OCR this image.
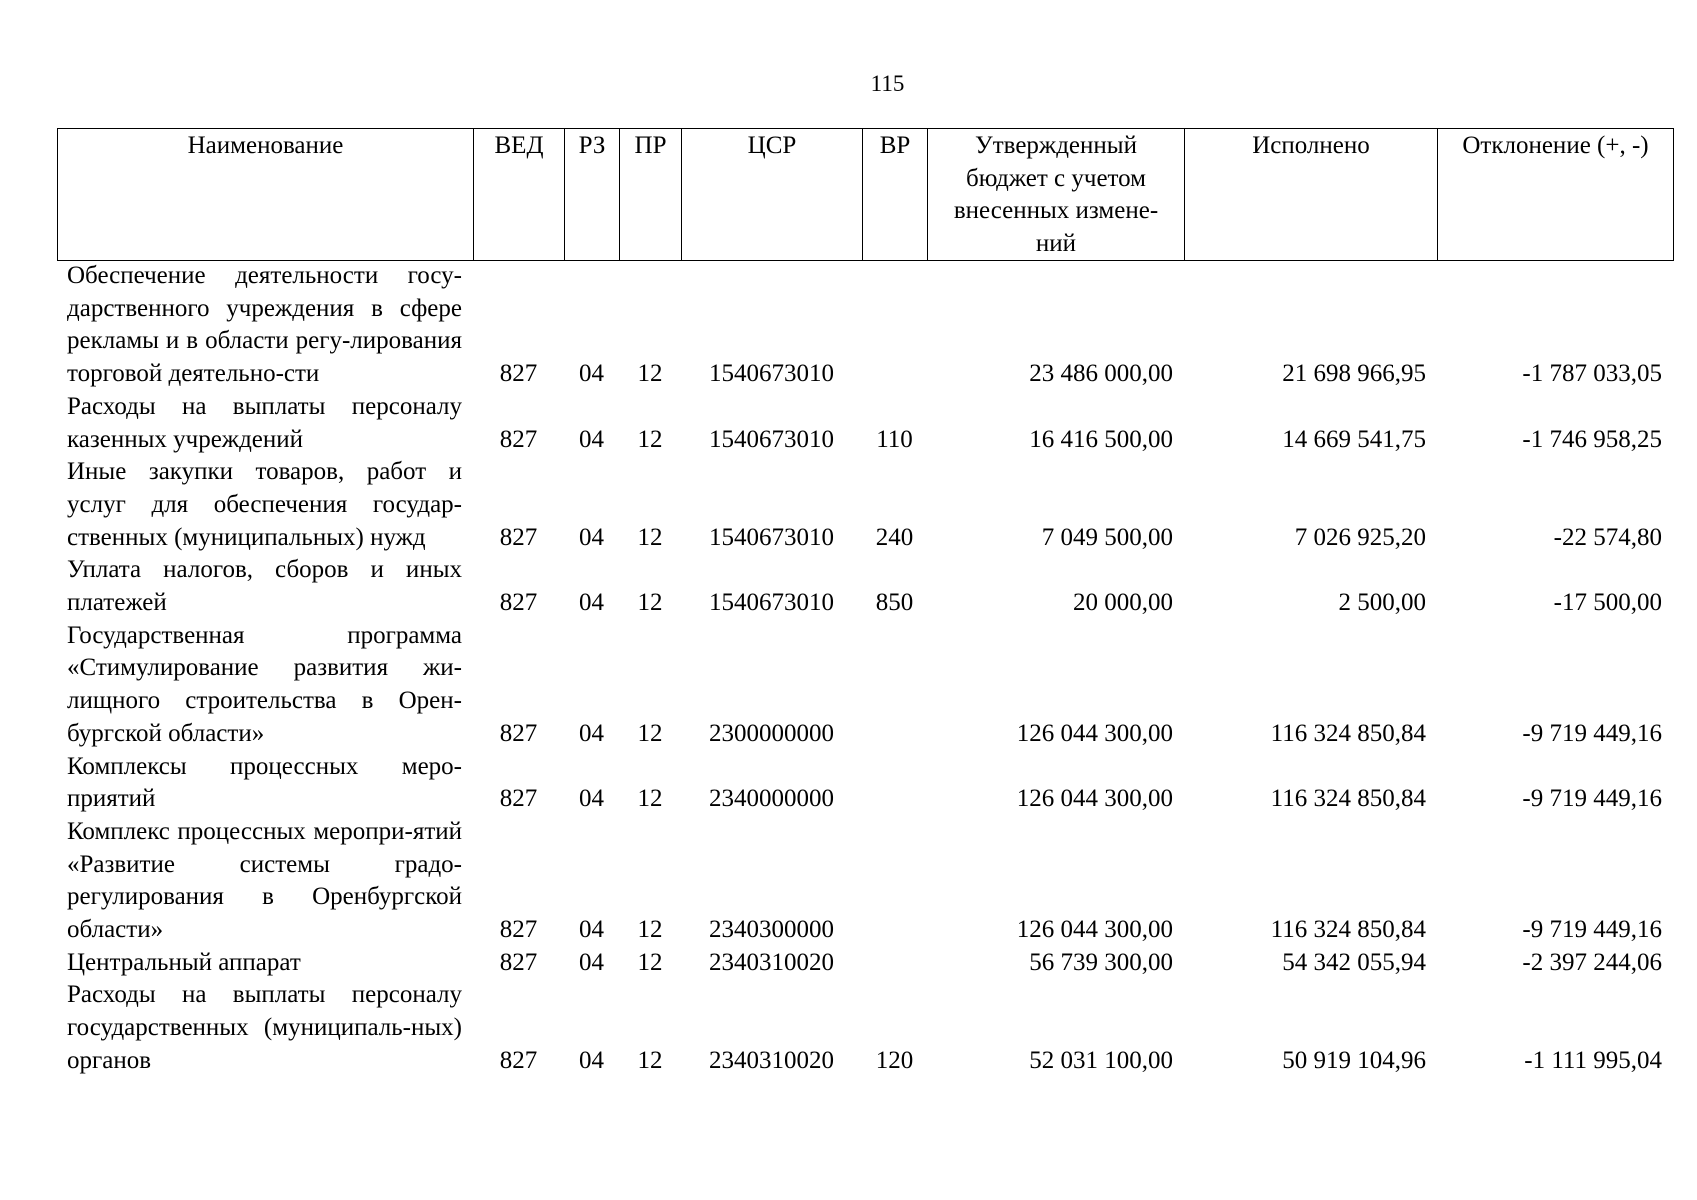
115
Наименование	ВЕД	РЗ	ПР	ЦСР	ВР	Утвержденный бюджет с учетом внесенных измене-ний	Исполнено	Отклонение (+, -)
Обеспечение деятельности госу-дарственного учреждения в сфере рекламы и в области регу-лирования торговой деятельно-сти	827	04	12	1540673010		23 486 000,00	21 698 966,95	-1 787 033,05
Расходы на выплаты персоналу казенных учреждений	827	04	12	1540673010	110	16 416 500,00	14 669 541,75	-1 746 958,25
Иные закупки товаров, работ и услуг для обеспечения государ-ственных (муниципальных) нужд	827	04	12	1540673010	240	7 049 500,00	7 026 925,20	-22 574,80
Уплата налогов, сборов и иных платежей	827	04	12	1540673010	850	20 000,00	2 500,00	-17 500,00
Государственная программа «Стимулирование развития жи-лищного строительства в Орен-бургской области»	827	04	12	2300000000		126 044 300,00	116 324 850,84	-9 719 449,16
Комплексы процессных меро-приятий	827	04	12	2340000000		126 044 300,00	116 324 850,84	-9 719 449,16
Комплекс процессных меропри-ятий «Развитие системы градо-регулирования в Оренбургской области»	827	04	12	2340300000		126 044 300,00	116 324 850,84	-9 719 449,16
Центральный аппарат	827	04	12	2340310020		56 739 300,00	54 342 055,94	-2 397 244,06
Расходы на выплаты персоналу государственных (муниципаль-ных) органов	827	04	12	2340310020	120	52 031 100,00	50 919 104,96	-1 111 995,04
